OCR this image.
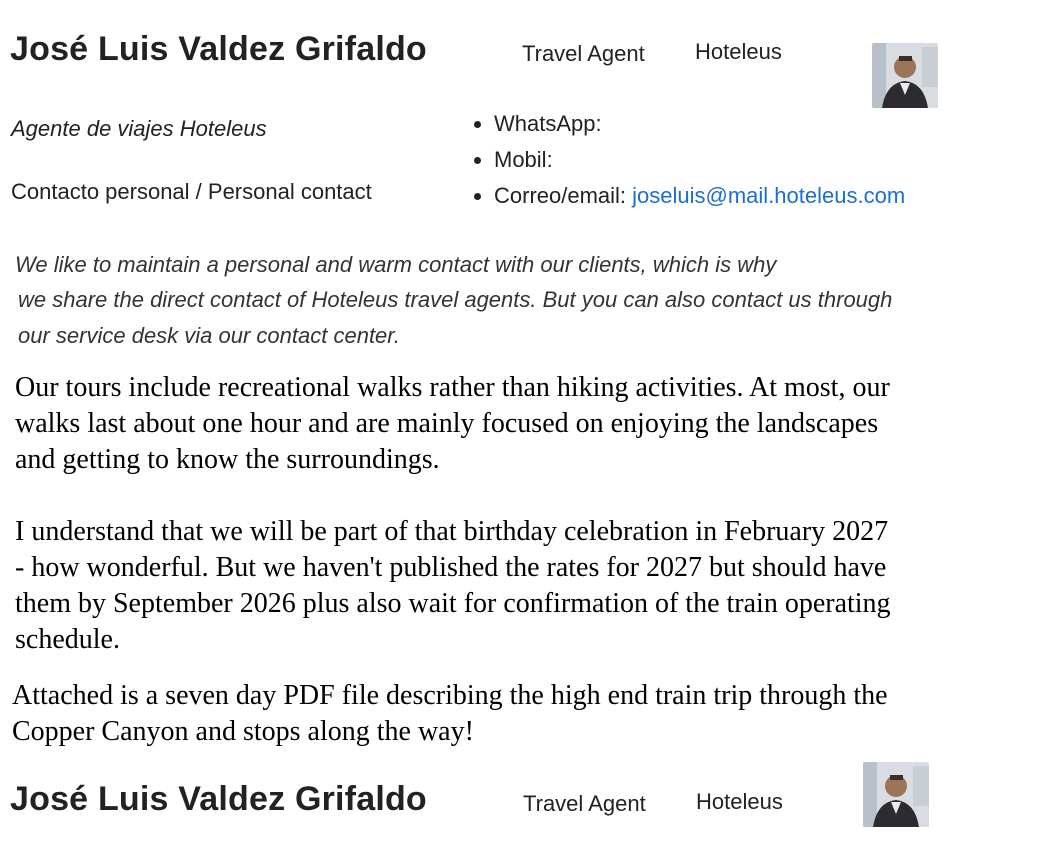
José Luis Valdez Grifaldo	Travel Agent Hoteleus
Agente de viajes Hoteleus
Contacto personal / Personal contact
• WhatsApp:
• Mobil:
• Correo/email: joseluis@mail.hoteleus.com
We like to maintain a personal and warm contact with our clients, which is why
we share the direct contact of Hoteleus travel agents. But you can also contact us through
our service desk via our contact center.
Our tours include recreational walks rather than hiking activities. At most, our
walks last about one hour and are mainly focused on enjoying the landscapes
and getting to know the surroundings.
I understand that we will be part of that birthday celebration in February 2027
- how wonderful. But we haven't published the rates for 2027 but should have
them by September 2026 plus also wait for confirmation of the train operating
schedule.
Attached is a seven day PDF file describing the high end train trip through the
Copper Canyon and stops along the way!
José Luis Valdez Grifaldo	Travel Agent Hoteleus
